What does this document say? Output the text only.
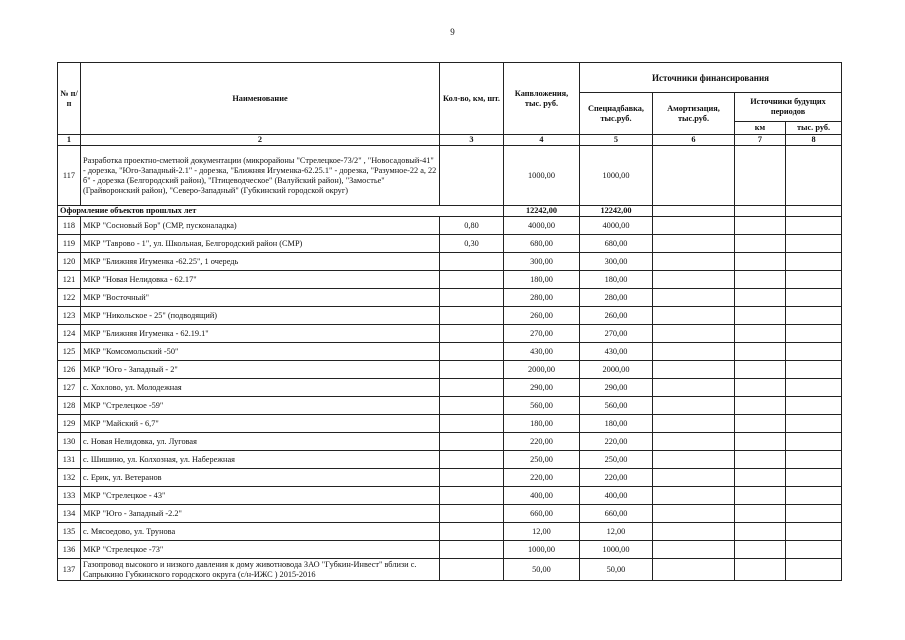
9
№ п/п	Наименование	Кол-во, км, шт.	Капвложения, тыс. руб.	Источники финансирования			
				Спецнадбавка, тыс.руб.	Амортизация, тыс.руб.	Источники будущих периодов	
						км	тыс. руб.
1	2	3	4	5	6	7	8
117	Разработка проектно-сметной документации (микрорайоны "Стрелецкое-73/2" , "Новосадовый-41" - дорезка, "Юго-Западный-2.1" - дорезка, "Ближняя Игуменка-62.25.1" - дорезка, "Разумное-22 а, 22 б" - дорезка (Белгородский район), "Птицеводческое" (Валуйский район), "Замостье" (Грайворонский район), "Северо-Западный" (Губкинский городской округ)		1000,00	1000,00			
Оформление объектов прошлых лет			12242,00	12242,00			
118	МКР "Сосновый Бор" (СМР, пусконаладка)	0,80	4000,00	4000,00			
119	МКР "Таврово - 1", ул. Школьная, Белгородский район (СМР)	0,30	680,00	680,00			
120	МКР "Ближняя Игуменка -62.25", 1 очередь		300,00	300,00			
121	МКР "Новая Нелидовка - 62.17"		180,00	180,00			
122	МКР "Восточный"		280,00	280,00			
123	МКР "Никольское - 25" (подводящий)		260,00	260,00			
124	МКР "Ближняя Игуменка - 62.19.1"		270,00	270,00			
125	МКР "Комсомольский -50"		430,00	430,00			
126	МКР "Юго - Западный - 2"		2000,00	2000,00			
127	с. Хохлово, ул. Молодежная		290,00	290,00			
128	МКР "Стрелецкое -59"		560,00	560,00			
129	МКР "Майский - 6,7"		180,00	180,00			
130	с. Новая Нелидовка, ул. Луговая		220,00	220,00			
131	с. Шишино, ул. Колхозная, ул. Набережная		250,00	250,00			
132	с. Ерик, ул. Ветеранов		220,00	220,00			
133	МКР "Стрелецкое - 43"		400,00	400,00			
134	МКР "Юго - Западный -2.2"		660,00	660,00			
135	с. Мясоедово, ул. Трунова		12,00	12,00			
136	МКР "Стрелецкое -73"		1000,00	1000,00			
137	Газопровод высокого и низкого давления к дому животновода ЗАО "Губкин-Инвест" вблизи с. Сапрыкино Губкинского городского округа (с/н-ИЖС ) 2015-2016		50,00	50,00			
